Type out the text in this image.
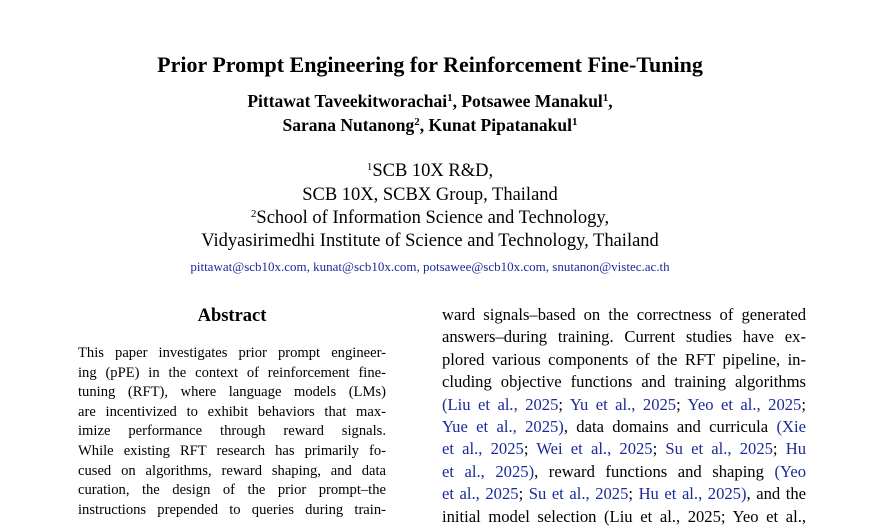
Prior Prompt Engineering for Reinforcement Fine-Tuning
Pittawat Taveekitworachai$^1$, Potsawee Manakul$^1$,
Sarana Nutanong$^2$, Kunat Pipatanakul$^1$
$^1$SCB 10X R&D,
SCB 10X, SCBX Group, Thailand
$^2$School of Information Science and Technology,
Vidyasirimedhi Institute of Science and Technology, Thailand
pittawat@scb10x.com, kunat@scb10x.com, potsawee@scb10x.com, snutanon@vistec.ac.th
Abstract
This paper investigates prior prompt engineer-
ing (pPE) in the context of reinforcement fine-
tuning (RFT), where language models (LMs)
are incentivized to exhibit behaviors that max-
imize performance through reward signals.
While existing RFT research has primarily fo-
cused on algorithms, reward shaping, and data
curation, the design of the prior prompt–the
instructions prepended to queries during train-
ward signals–based on the correctness of generated
answers–during training. Current studies have ex-
plored various components of the RFT pipeline, in-
cluding objective functions and training algorithms
(Liu et al., 2025; Yu et al., 2025; Yeo et al., 2025;
Yue et al., 2025), data domains and curricula (Xie
et al., 2025; Wei et al., 2025; Su et al., 2025; Hu
et al., 2025), reward functions and shaping (Yeo
et al., 2025; Su et al., 2025; Hu et al., 2025), and the
initial model selection (Liu et al., 2025; Yeo et al.,
